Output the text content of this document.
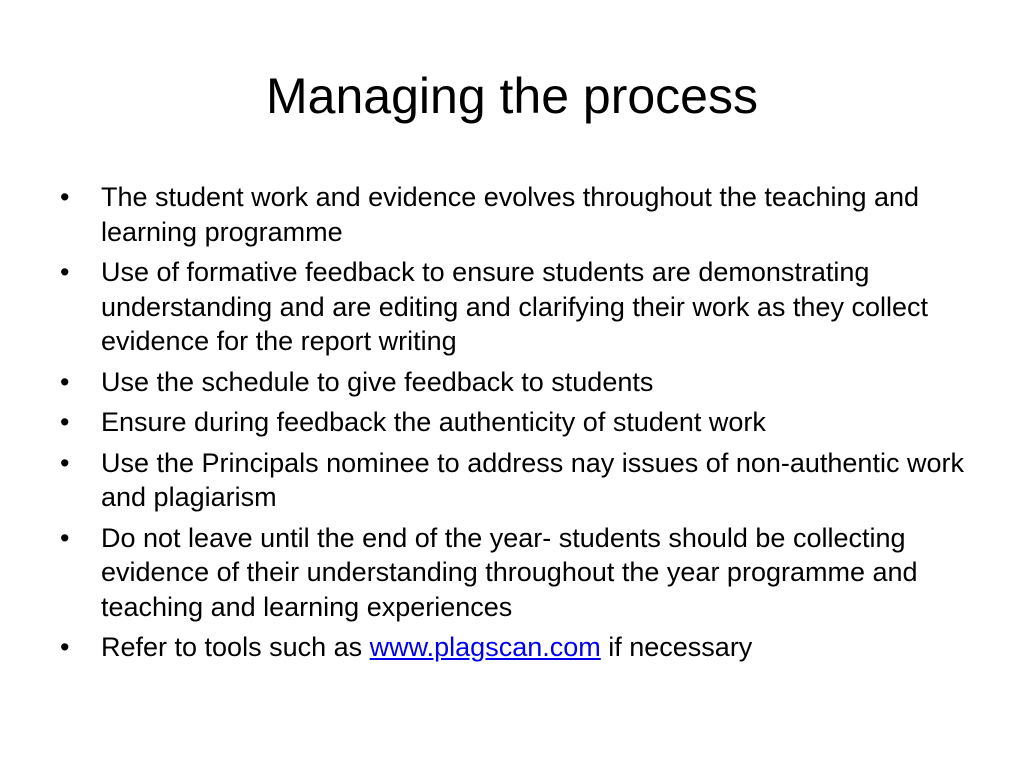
Managing the process
•	The student work and evidence evolves throughout the teaching and learning programme
•	Use of formative feedback to ensure students are demonstrating understanding and are editing and clarifying their work as they collect evidence for the report writing
•	Use the schedule to give feedback to students
•	Ensure during feedback the authenticity of student work
•	Use the Principals nominee to address nay issues of non-authentic work and plagiarism
•	Do not leave until the end of the year- students should be collecting evidence of their understanding throughout the year programme and teaching and learning experiences
•	Refer to tools such as www.plagscan.com if necessary
